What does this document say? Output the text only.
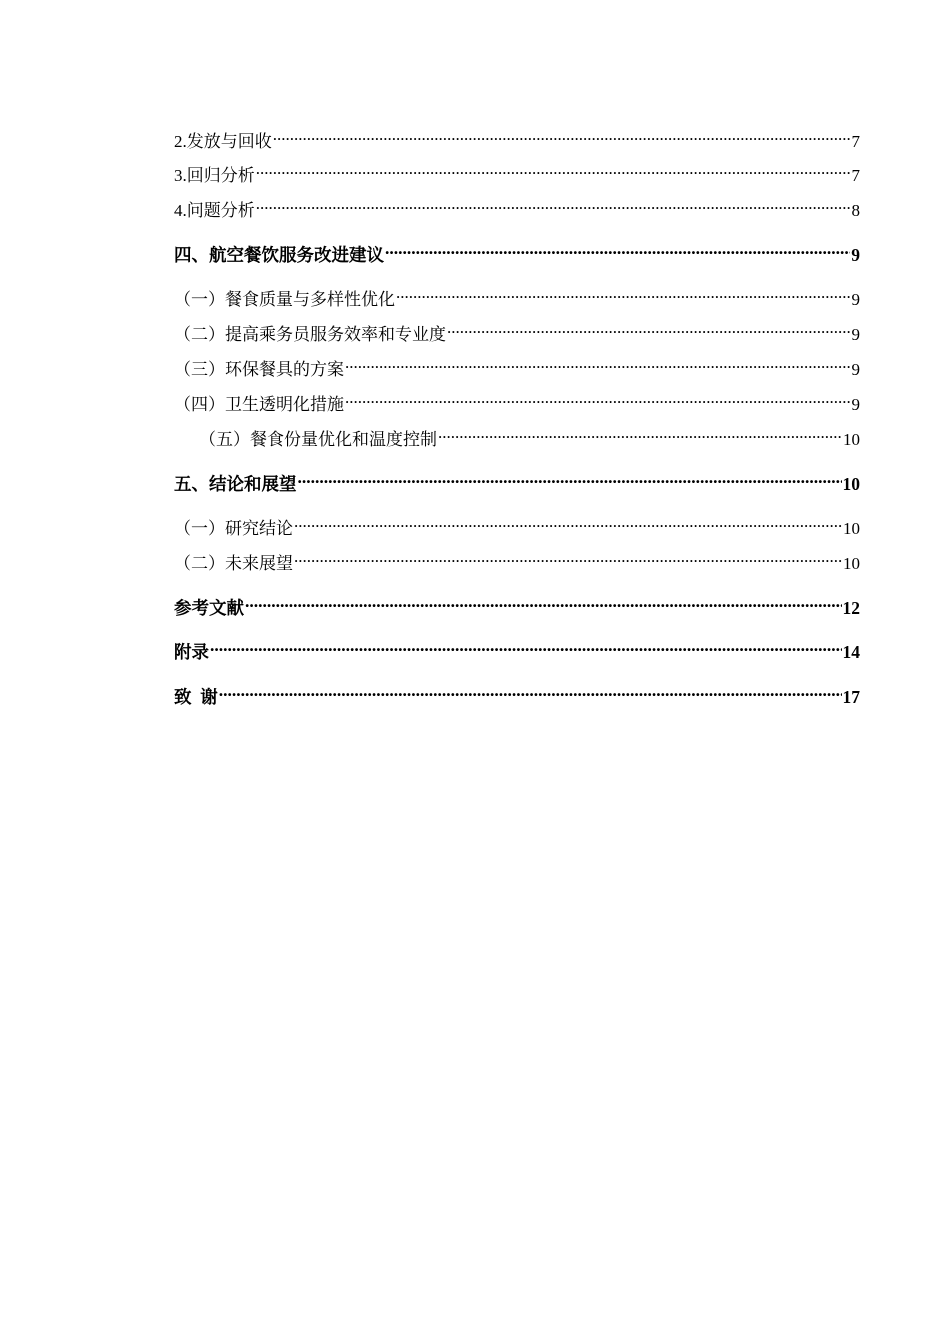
2.发放与回收 .....	7
3.回归分析 .....	7
4.问题分析 .....	8
四、航空餐饮服务改进建议 .....	9
（一）餐食质量与多样性优化 .....	9
（二）提高乘务员服务效率和专业度 .....	9
（三）环保餐具的方案 .....	9
（四）卫生透明化措施 .....	9
（五）餐食份量优化和温度控制 .....	10
五、结论和展望 .....	10
（一）研究结论 .....	10
（二）未来展望 .....	10
参考文献 .....	12
附录 .....	14
致  谢 .....	17
